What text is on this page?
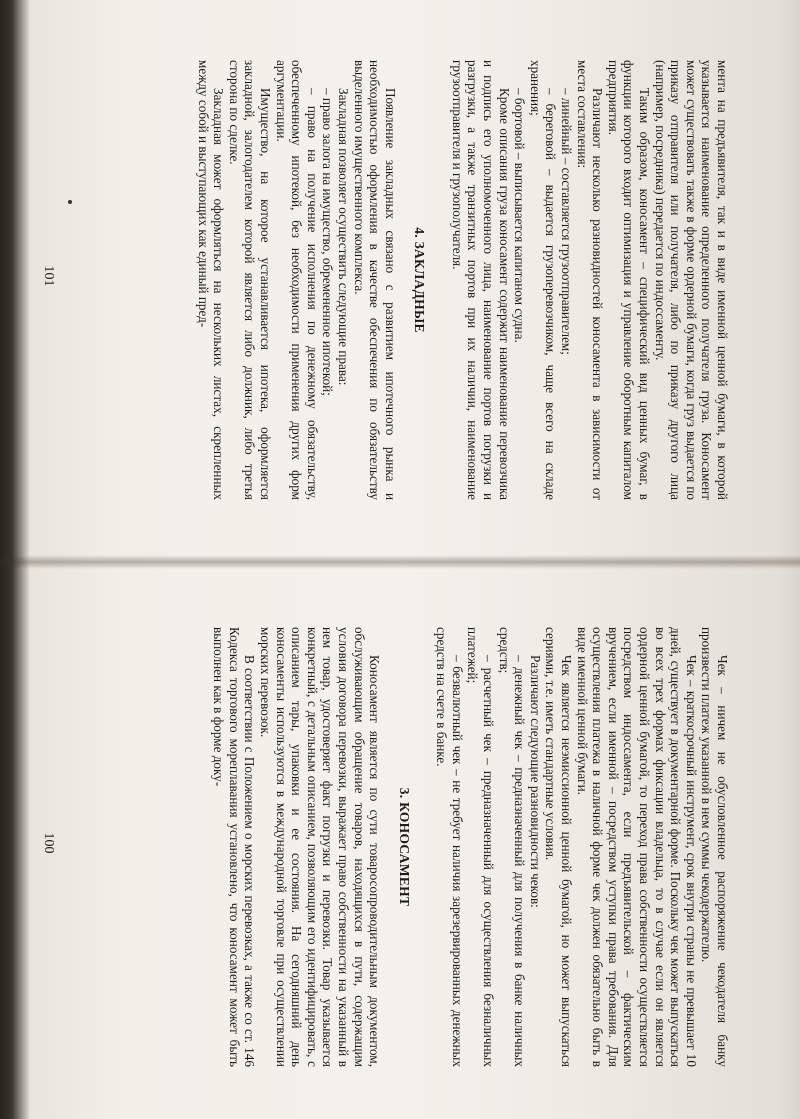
мента на предъявителя, так и в виде именной ценной бумаги, в которой указывается наименование определенного получателя груза. Коносамент может существовать также в форме ордерной бумаги, когда груз выдается по приказу отправителя или получателя, либо по приказу другого лица (например, посредника) передается по индоссаменту.

Таким образом, коносамент – специфический вид ценных бумаг, в функции которого входит оптимизация и управление оборотным капиталом предприятия.

Различают несколько разновидностей коносамента в зависимости от места составления:

– линейный – составляется грузоотправителем;

– береговой – выдается грузоперевозчиком, чаще всего на складе хранения;

– бортовой – выписывается капитаном судна.

Кроме описания груза коносамент содержит наименование перевозчика и подпись его уполномоченного лица, наименование портов погрузки и разгрузки, а также транзитных портов при их наличии, наименование грузоотправителя и грузополучателя.

4. ЗАКЛАДНЫЕ

Появление закладных связано с развитием ипотечного рынка и необходимостью оформления в качестве обеспечения по обязательству выделенного имущественного комплекса.

Закладная позволяет осуществить следующие права:

– право залога на имущество, обремененное ипотекой;

– право на получение исполнения по денежному обязательству, обеспеченному ипотекой, без необходимости применения других форм аргументации.

Имущество, на которое устанавливается ипотека, оформляется закладной, залогодателем которой является либо должник, либо третья сторона по сделке.

Закладная может оформляться на нескольких листах, скрепленных между собой и выступающих как единый пред-

101

Чек – ничем не обусловленное распоряжение чекодателя банку произвести платеж указанной в нем суммы чекодержателю.

Чек – краткосрочный инструмент, срок внутри страны не превышает 10 дней, существует в документарной форме. Поскольку чек может выпускаться во всех трех формах фиксации владельца, то в случае если он является ордерной ценной бумагой, то переход права собственности осуществляется посредством индоссамента, если предъявительской – фактическим вручением, если именной – посредством уступки права требования. Для осуществления платежа в наличной форме чек должен обязательно быть в виде именной ценной бумаги.

Чек является неэмиссионной ценной бумагой, но может выпускаться сериями, т.е. иметь стандартные условия.

Различают следующие разновидности чеков:

– денежный чек – предназначенный для получения в банке наличных средств;

– расчетный чек – предназначенный для осуществления безналичных платежей;

– безвалютный чек – не требует наличия зарезервированных денежных средств на счете в банке.

3. КОНОСАМЕНТ

Коносамент является по сути товаросопроводительным документом, обслуживающим обращение товаров, находящихся в пути, содержащим условия договора перевозки, выражает право собственности на указанный в нем товар, удостоверяет факт погрузки и перевозки. Товар указывается конкретный, с детальным описанием, позволяющим его идентифицировать, с описанием тары, упаковки и ее состояния. На сегодняшний день коносаменты используются в международной торговле при осуществлении морских перевозок.

В соответствии с Положением о морских перевозках, а также со ст. 146 Кодекса торгового мореплавания установлено, что коносамент может быть выполнен как в форме доку-

100
